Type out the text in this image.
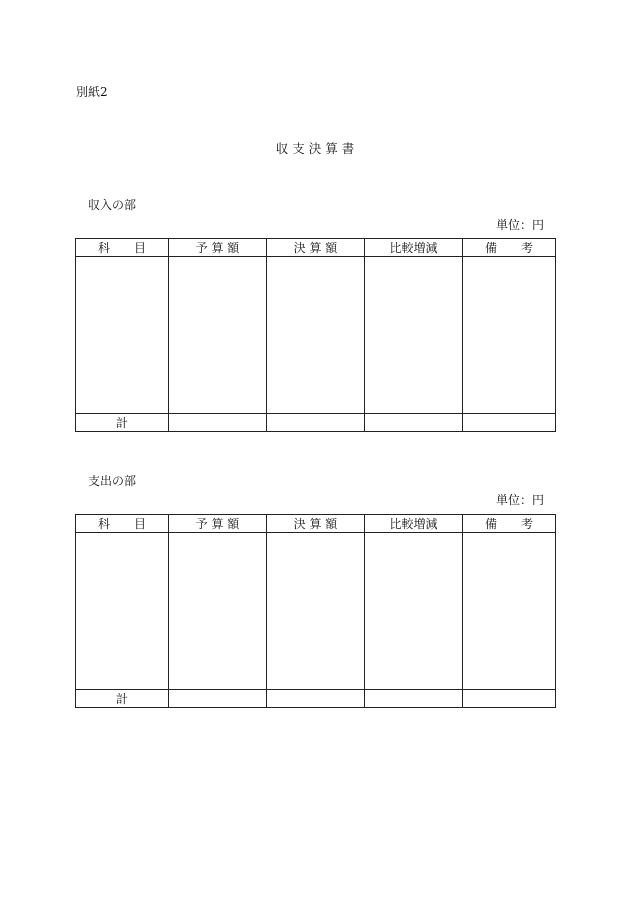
別紙2
収 支 決 算 書
収入の部
単位：円
科　　目	予 算 額	決 算 額	比較増減	備　　考

計				
支出の部
単位：円
科　　目	予 算 額	決 算 額	比較増減	備　　考

計				
